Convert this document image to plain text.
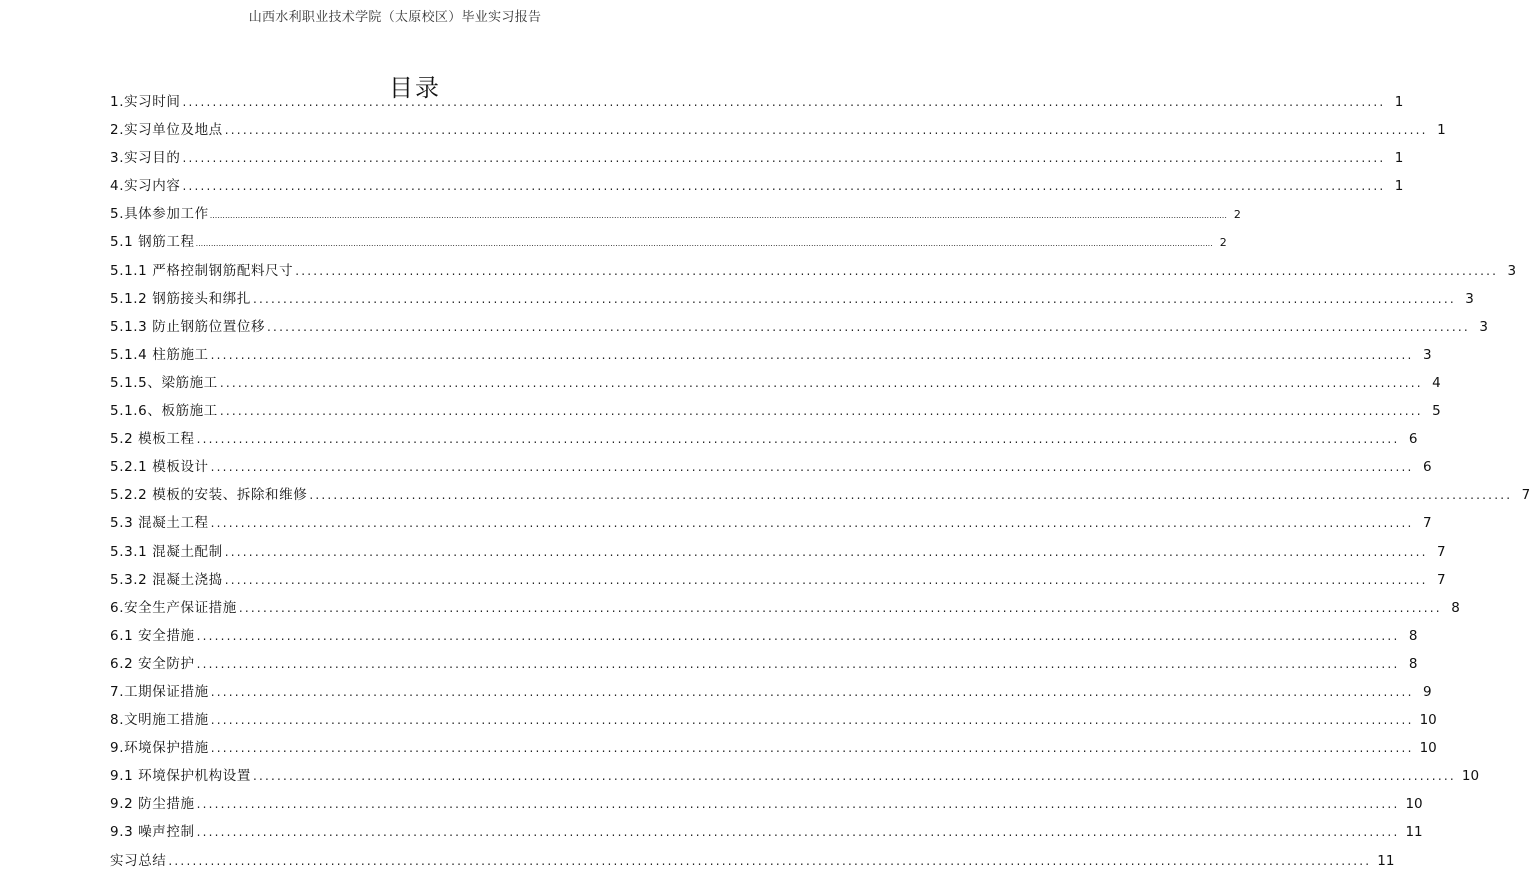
山西水利职业技术学院（太原校区）毕业实习报告
目录
1.实习时间 ........................................................................................................................................................................................................ 1
2.实习单位及地点 ........................................................................................................................................................................................................ 1
3.实习目的 ........................................................................................................................................................................................................ 1
4.实习内容 ........................................................................................................................................................................................................ 1
5.具体参加工作 ................................................................................................................................................................................................................................................................................................................................................................................................................ 2
5.1 钢筋工程 ................................................................................................................................................................................................................................................................................................................................................................................................................ 2
5.1.1 严格控制钢筋配料尺寸 ........................................................................................................................................................................................................ 3
5.1.2 钢筋接头和绑扎 ........................................................................................................................................................................................................ 3
5.1.3 防止钢筋位置位移 ........................................................................................................................................................................................................ 3
5.1.4 柱筋施工 ........................................................................................................................................................................................................ 3
5.1.5、梁筋施工 ........................................................................................................................................................................................................ 4
5.1.6、板筋施工 ........................................................................................................................................................................................................ 5
5.2 模板工程 ........................................................................................................................................................................................................ 6
5.2.1 模板设计 ........................................................................................................................................................................................................ 6
5.2.2 模板的安装、拆除和维修 ........................................................................................................................................................................................................ 7
5.3 混凝土工程 ........................................................................................................................................................................................................ 7
5.3.1 混凝土配制 ........................................................................................................................................................................................................ 7
5.3.2 混凝土浇捣 ........................................................................................................................................................................................................ 7
6.安全生产保证措施 ........................................................................................................................................................................................................ 8
6.1 安全措施 ........................................................................................................................................................................................................ 8
6.2 安全防护 ........................................................................................................................................................................................................ 8
7.工期保证措施 ........................................................................................................................................................................................................ 9
8.文明施工措施 ........................................................................................................................................................................................................ 10
9.环境保护措施 ........................................................................................................................................................................................................ 10
9.1 环境保护机构设置 ........................................................................................................................................................................................................ 10
9.2 防尘措施 ........................................................................................................................................................................................................ 10
9.3 噪声控制 ........................................................................................................................................................................................................ 11
实习总结 ........................................................................................................................................................................................................ 11
